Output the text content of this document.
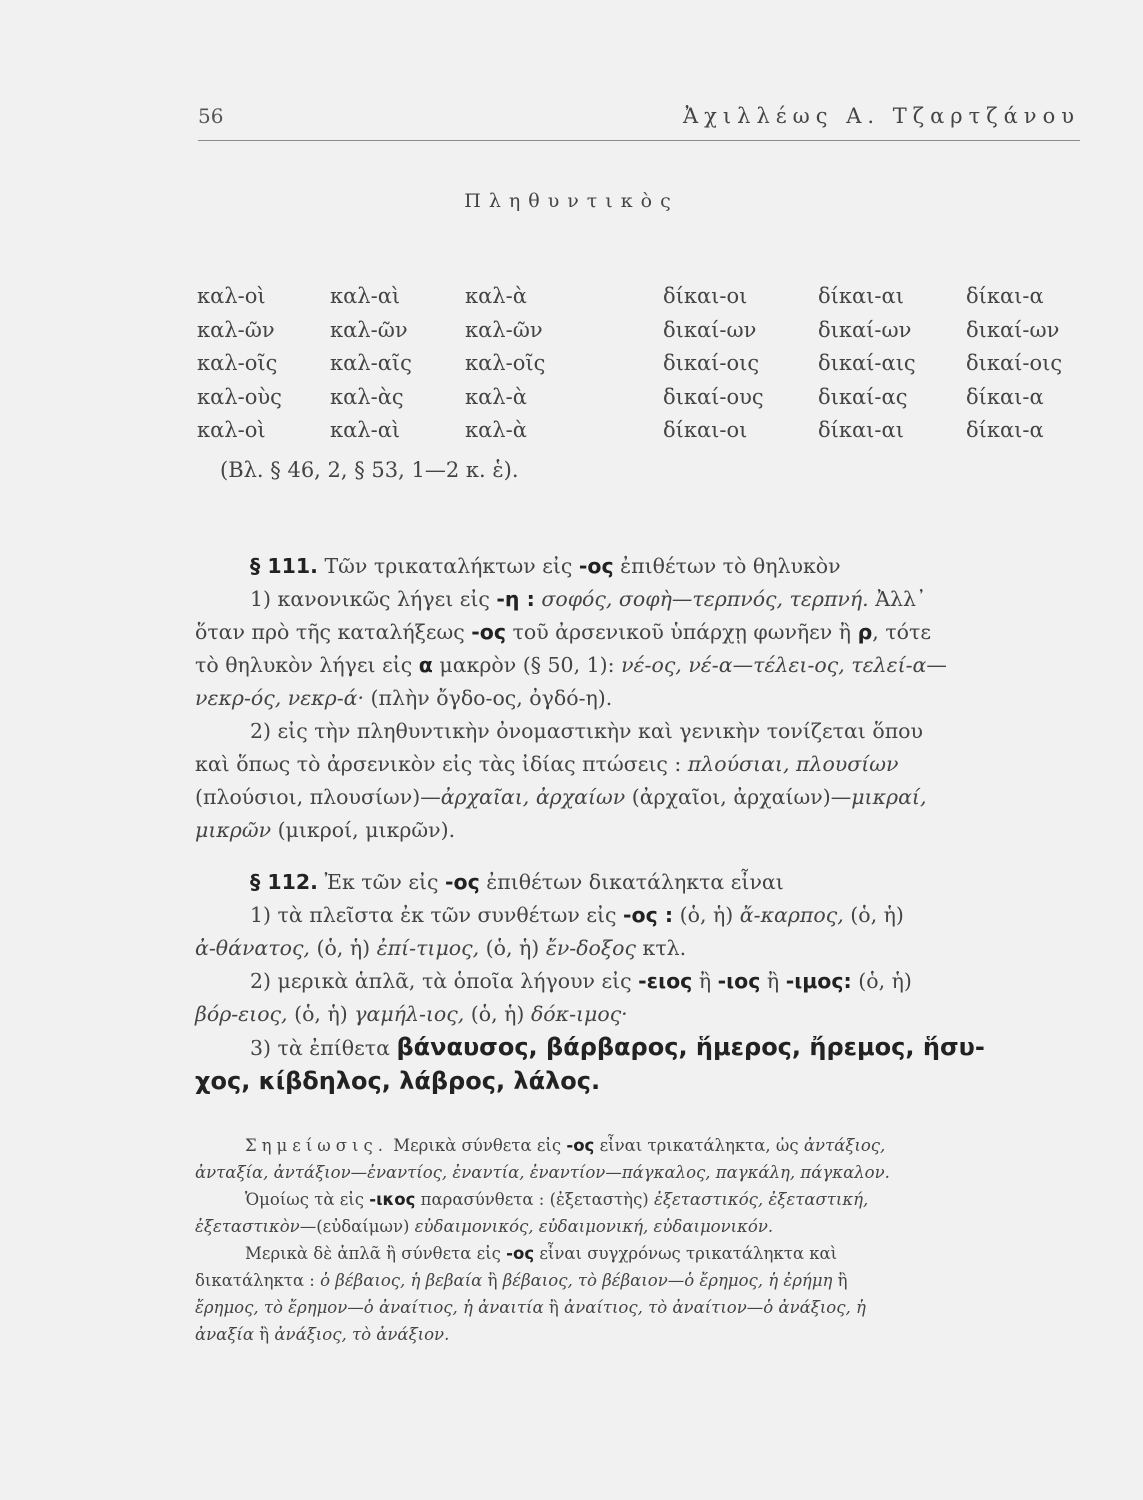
56	Ἀχιλλέως Α. Τζαρτζάνου
Πληθυντικὸς
καλ-οὶ
καλ-ῶν
καλ-οῖς
καλ-οὺς
καλ-οὶ
καλ-αὶ
καλ-ῶν
καλ-αῖς
καλ-ὰς
καλ-αὶ
καλ-ὰ
καλ-ῶν
καλ-οῖς
καλ-ὰ
καλ-ὰ
δίκαι-οι
δικαί-ων
δικαί-οις
δικαί-ους
δίκαι-οι
δίκαι-αι
δικαί-ων
δικαί-αις
δικαί-ας
δίκαι-αι
δίκαι-α
δικαί-ων
δικαί-οις
δίκαι-α
δίκαι-α
(Βλ. § 46, 2, § 53, 1—2 κ. ἑ).
§ 111. Τῶν τρικαταλήκτων εἰς -ος ἐπιθέτων τὸ θηλυκὸν
1) κανονικῶς λήγει εἰς -η : σοφός, σοφὴ—τερπνός, τερπνή. Ἀλλ᾽
ὅταν πρὸ τῆς καταλήξεως -ος τοῦ ἀρσενικοῦ ὑπάρχῃ φωνῆεν ἢ ρ, τότε
τὸ θηλυκὸν λήγει εἰς α μακρὸν (§ 50, 1): νέ-ος, νέ-α—τέλει-ος, τελεί-α—
νεκρ-ός, νεκρ-ά· (πλὴν ὄγδο-ος, ὀγδό-η).
2) εἰς τὴν πληθυντικὴν ὀνομαστικὴν καὶ γενικὴν τονίζεται ὅπου
καὶ ὅπως τὸ ἀρσενικὸν εἰς τὰς ἰδίας πτώσεις : πλούσιαι, πλουσίων
(πλούσιοι, πλουσίων)—ἀρχαῖαι, ἀρχαίων (ἀρχαῖοι, ἀρχαίων)—μικραί,
μικρῶν (μικροί, μικρῶν).
§ 112. Ἐκ τῶν εἰς -ος ἐπιθέτων δικατάληκτα εἶναι
1) τὰ πλεῖστα ἐκ τῶν συνθέτων εἰς -ος : (ὁ, ἡ) ἄ-καρπος, (ὁ, ἡ)
ἀ-θάνατος, (ὁ, ἡ) ἐπί-τιμος, (ὁ, ἡ) ἔν-δοξος κτλ.
2) μερικὰ ἁπλᾶ, τὰ ὁποῖα λήγουν εἰς -ειος ἢ -ιος ἢ -ιμος: (ὁ, ἡ)
βόρ-ειος, (ὁ, ἡ) γαμήλ-ιος, (ὁ, ἡ) δόκ-ιμος·
3) τὰ ἐπίθετα βάναυσος, βάρβαρος, ἥμερος, ἤρεμος, ἥσυ-
χος, κίβδηλος, λάβρος, λάλος.
Σημείωσις. Μερικὰ σύνθετα εἰς -ος εἶναι τρικατάληκτα, ὡς ἀντάξιος,
ἀνταξία, ἀντάξιον—ἐναντίος, ἐναντία, ἐναντίον—πάγκαλος, παγκάλη, πάγκαλον.
Ὁμοίως τὰ εἰς -ικος παρασύνθετα : (ἐξεταστὴς) ἐξεταστικός, ἐξεταστική,
ἐξεταστικὸν—(εὐδαίμων) εὐδαιμονικός, εὐδαιμονική, εὐδαιμονικόν.
Μερικὰ δὲ ἁπλᾶ ἢ σύνθετα εἰς -ος εἶναι συγχρόνως τρικατάληκτα καὶ
δικατάληκτα : ὁ βέβαιος, ἡ βεβαία ἢ βέβαιος, τὸ βέβαιον—ὁ ἔρημος, ἡ ἐρήμη ἢ
ἔρημος, τὸ ἔρημον—ὁ ἀναίτιος, ἡ ἀναιτία ἢ ἀναίτιος, τὸ ἀναίτιον—ὁ ἀνάξιος, ἡ
ἀναξία ἢ ἀνάξιος, τὸ ἀνάξιον.
